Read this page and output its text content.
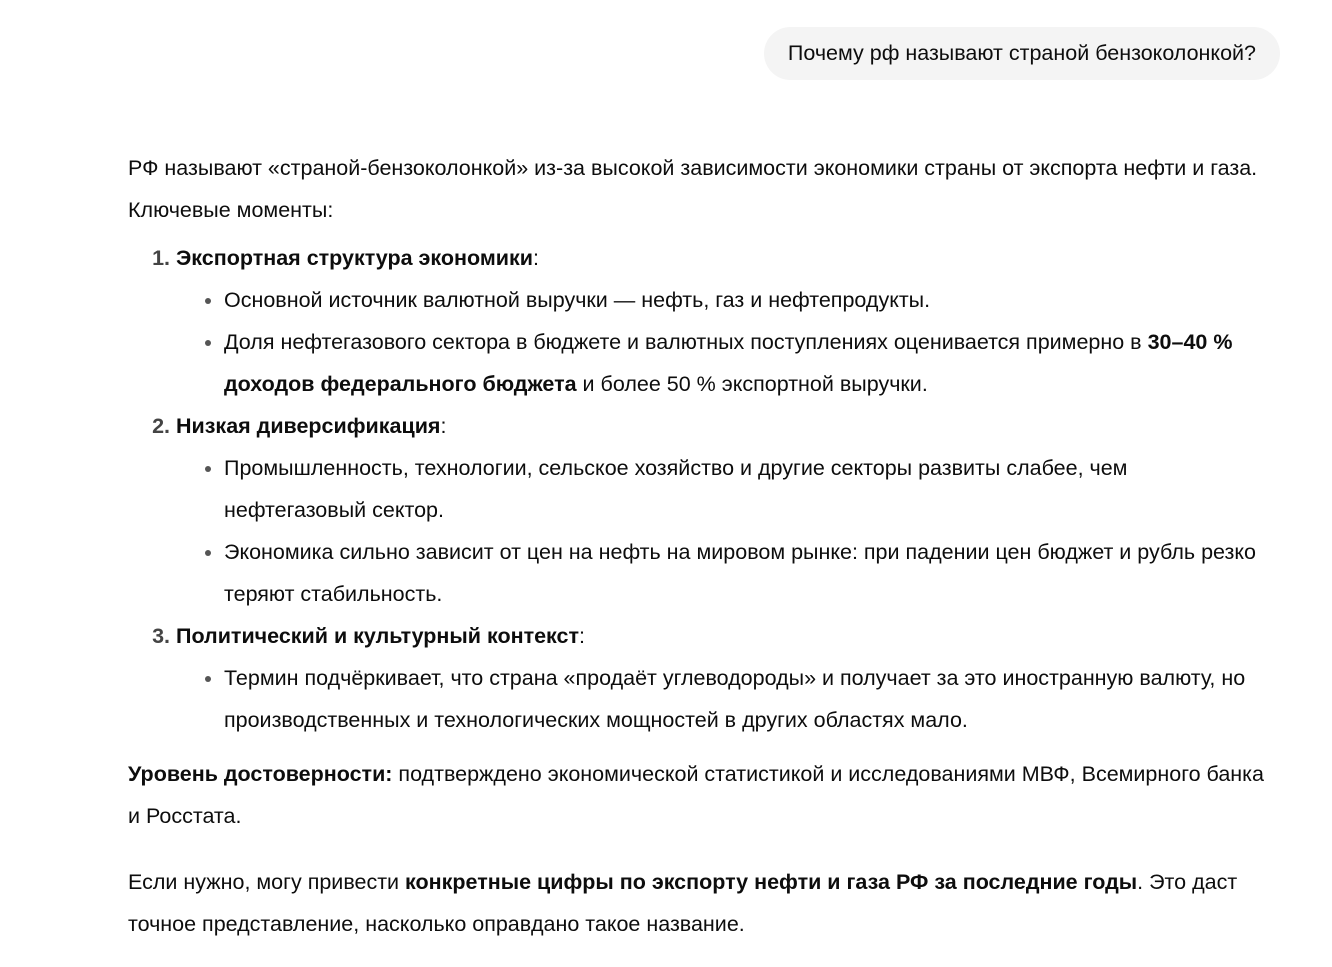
Почему рф называют страной бензоколонкой?

РФ называют «страной-бензоколонкой» из-за высокой зависимости экономики страны от экспорта нефти и газа. Ключевые моменты:

1. Экспортная структура экономики:
• Основной источник валютной выручки — нефть, газ и нефтепродукты.
• Доля нефтегазового сектора в бюджете и валютных поступлениях оценивается примерно в 30–40 % доходов федерального бюджета и более 50 % экспортной выручки.
2. Низкая диверсификация:
• Промышленность, технологии, сельское хозяйство и другие секторы развиты слабее, чем нефтегазовый сектор.
• Экономика сильно зависит от цен на нефть на мировом рынке: при падении цен бюджет и рубль резко теряют стабильность.
3. Политический и культурный контекст:
• Термин подчёркивает, что страна «продаёт углеводороды» и получает за это иностранную валюту, но производственных и технологических мощностей в других областях мало.

Уровень достоверности: подтверждено экономической статистикой и исследованиями МВФ, Всемирного банка и Росстата.

Если нужно, могу привести конкретные цифры по экспорту нефти и газа РФ за последние годы. Это даст точное представление, насколько оправдано такое название.
